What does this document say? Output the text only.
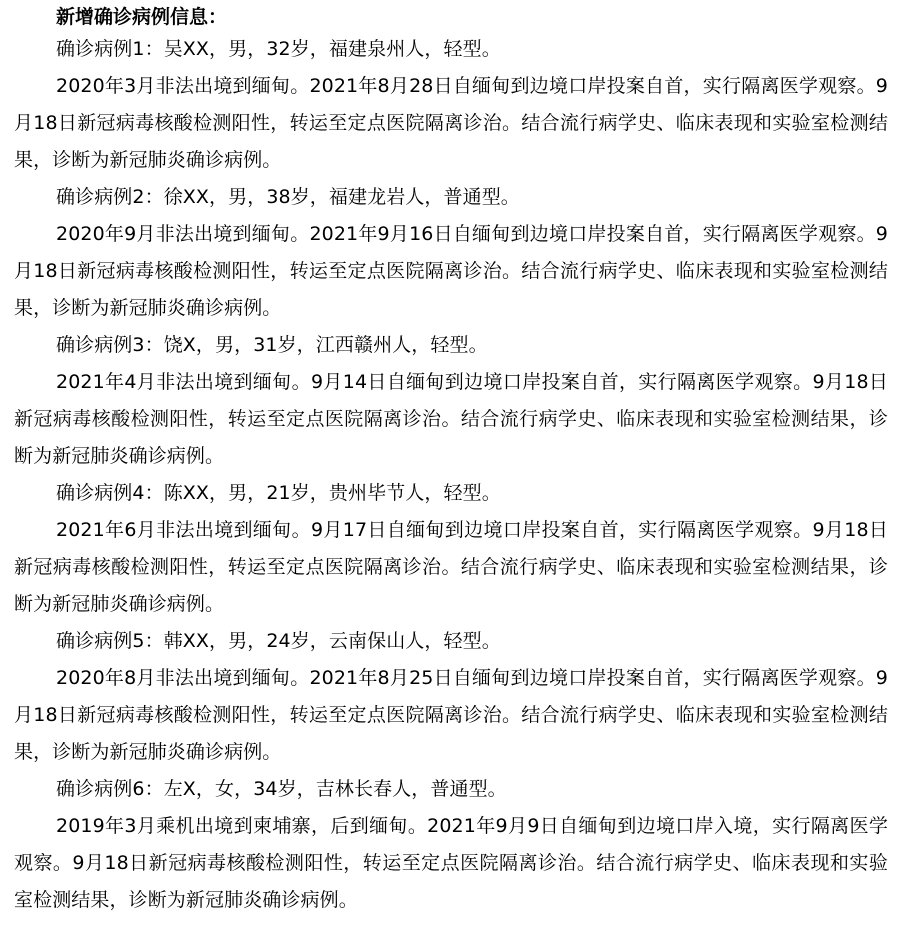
新增确诊病例信息：

确诊病例1：吴XX，男，32岁，福建泉州人，轻型。

2020年3月非法出境到缅甸。2021年8月28日自缅甸到边境口岸投案自首，实行隔离医学观察。9月18日新冠病毒核酸检测阳性，转运至定点医院隔离诊治。结合流行病学史、临床表现和实验室检测结果，诊断为新冠肺炎确诊病例。

确诊病例2：徐XX，男，38岁，福建龙岩人，普通型。

2020年9月非法出境到缅甸。2021年9月16日自缅甸到边境口岸投案自首，实行隔离医学观察。9月18日新冠病毒核酸检测阳性，转运至定点医院隔离诊治。结合流行病学史、临床表现和实验室检测结果，诊断为新冠肺炎确诊病例。

确诊病例3：饶X，男，31岁，江西赣州人，轻型。

2021年4月非法出境到缅甸。9月14日自缅甸到边境口岸投案自首，实行隔离医学观察。9月18日新冠病毒核酸检测阳性，转运至定点医院隔离诊治。结合流行病学史、临床表现和实验室检测结果，诊断为新冠肺炎确诊病例。

确诊病例4：陈XX，男，21岁，贵州毕节人，轻型。

2021年6月非法出境到缅甸。9月17日自缅甸到边境口岸投案自首，实行隔离医学观察。9月18日新冠病毒核酸检测阳性，转运至定点医院隔离诊治。结合流行病学史、临床表现和实验室检测结果，诊断为新冠肺炎确诊病例。

确诊病例5：韩XX，男，24岁，云南保山人，轻型。

2020年8月非法出境到缅甸。2021年8月25日自缅甸到边境口岸投案自首，实行隔离医学观察。9月18日新冠病毒核酸检测阳性，转运至定点医院隔离诊治。结合流行病学史、临床表现和实验室检测结果，诊断为新冠肺炎确诊病例。

确诊病例6：左X，女，34岁，吉林长春人，普通型。

2019年3月乘机出境到柬埔寨，后到缅甸。2021年9月9日自缅甸到边境口岸入境，实行隔离医学观察。9月18日新冠病毒核酸检测阳性，转运至定点医院隔离诊治。结合流行病学史、临床表现和实验室检测结果，诊断为新冠肺炎确诊病例。
